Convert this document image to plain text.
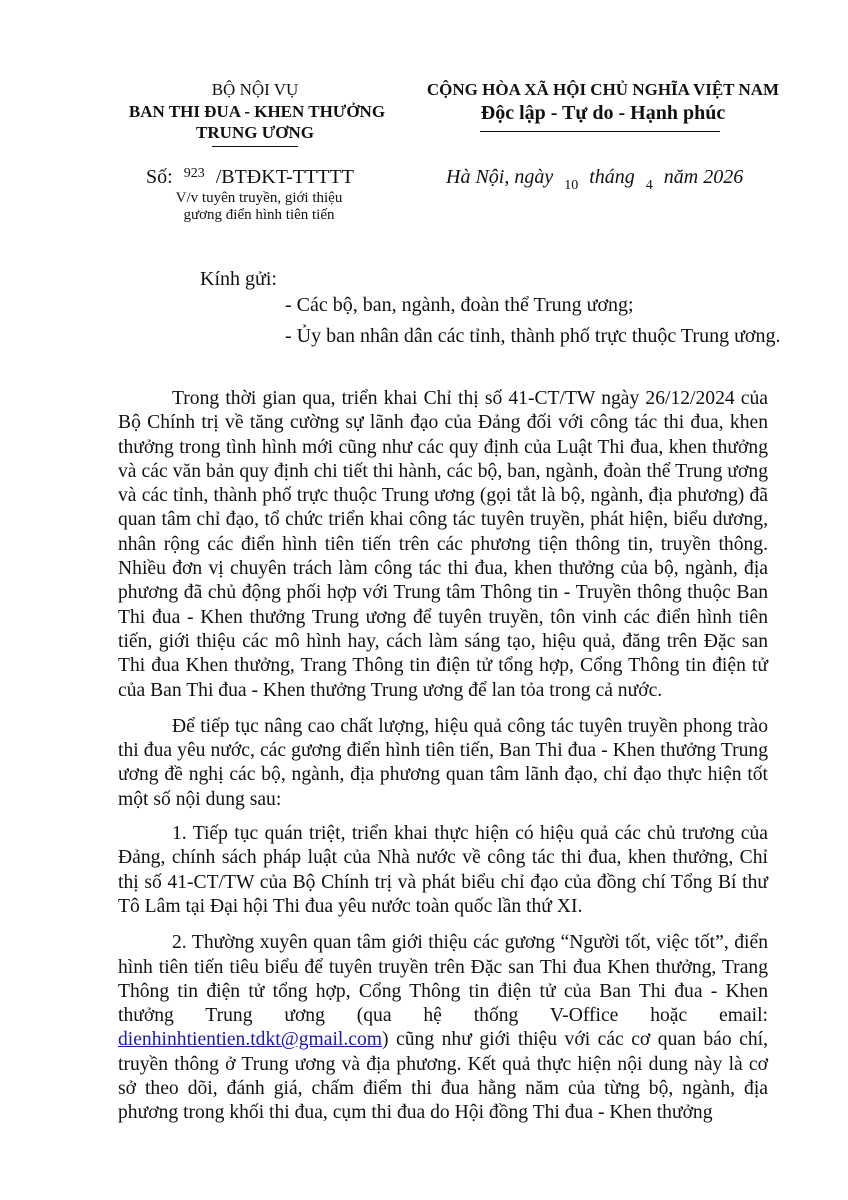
BỘ NỘI VỤ
BAN THI ĐUA - KHEN THƯỞNG
TRUNG ƯƠNG
CỘNG HÒA XÃ HỘI CHỦ NGHĨA VIỆT NAM
Độc lập - Tự do - Hạnh phúc
Số: $^{923}$ /BTĐKT-TTTTT
V/v tuyên truyền, giới thiệu
gương điển hình tiên tiến
Hà Nội, ngày $_{10}$ tháng $_4$ năm 2026
Kính gửi:
- Các bộ, ban, ngành, đoàn thể Trung ương;
- Ủy ban nhân dân các tỉnh, thành phố trực thuộc Trung ương.

Trong thời gian qua, triển khai Chỉ thị số 41-CT/TW ngày 26/12/2024 của Bộ Chính trị về tăng cường sự lãnh đạo của Đảng đối với công tác thi đua, khen thưởng trong tình hình mới cũng như các quy định của Luật Thi đua, khen thưởng và các văn bản quy định chi tiết thi hành, các bộ, ban, ngành, đoàn thể Trung ương và các tỉnh, thành phố trực thuộc Trung ương (gọi tắt là bộ, ngành, địa phương) đã quan tâm chỉ đạo, tổ chức triển khai công tác tuyên truyền, phát hiện, biểu dương, nhân rộng các điển hình tiên tiến trên các phương tiện thông tin, truyền thông. Nhiều đơn vị chuyên trách làm công tác thi đua, khen thưởng của bộ, ngành, địa phương đã chủ động phối hợp với Trung tâm Thông tin - Truyền thông thuộc Ban Thi đua - Khen thưởng Trung ương để tuyên truyền, tôn vinh các điển hình tiên tiến, giới thiệu các mô hình hay, cách làm sáng tạo, hiệu quả, đăng trên Đặc san Thi đua Khen thưởng, Trang Thông tin điện tử tổng hợp, Cổng Thông tin điện tử của Ban Thi đua - Khen thưởng Trung ương để lan tỏa trong cả nước.

Để tiếp tục nâng cao chất lượng, hiệu quả công tác tuyên truyền phong trào thi đua yêu nước, các gương điển hình tiên tiến, Ban Thi đua - Khen thưởng Trung ương đề nghị các bộ, ngành, địa phương quan tâm lãnh đạo, chỉ đạo thực hiện tốt một số nội dung sau:

1. Tiếp tục quán triệt, triển khai thực hiện có hiệu quả các chủ trương của Đảng, chính sách pháp luật của Nhà nước về công tác thi đua, khen thưởng, Chỉ thị số 41-CT/TW của Bộ Chính trị và phát biểu chỉ đạo của đồng chí Tổng Bí thư Tô Lâm tại Đại hội Thi đua yêu nước toàn quốc lần thứ XI.

2. Thường xuyên quan tâm giới thiệu các gương “Người tốt, việc tốt”, điển hình tiên tiến tiêu biểu để tuyên truyền trên Đặc san Thi đua Khen thưởng, Trang Thông tin điện tử tổng hợp, Cổng Thông tin điện tử của Ban Thi đua - Khen thưởng Trung ương (qua hệ thống V-Office hoặc email: dienhinhtientien.tdkt@gmail.com) cũng như giới thiệu với các cơ quan báo chí, truyền thông ở Trung ương và địa phương. Kết quả thực hiện nội dung này là cơ sở theo dõi, đánh giá, chấm điểm thi đua hằng năm của từng bộ, ngành, địa phương trong khối thi đua, cụm thi đua do Hội đồng Thi đua - Khen thưởng
